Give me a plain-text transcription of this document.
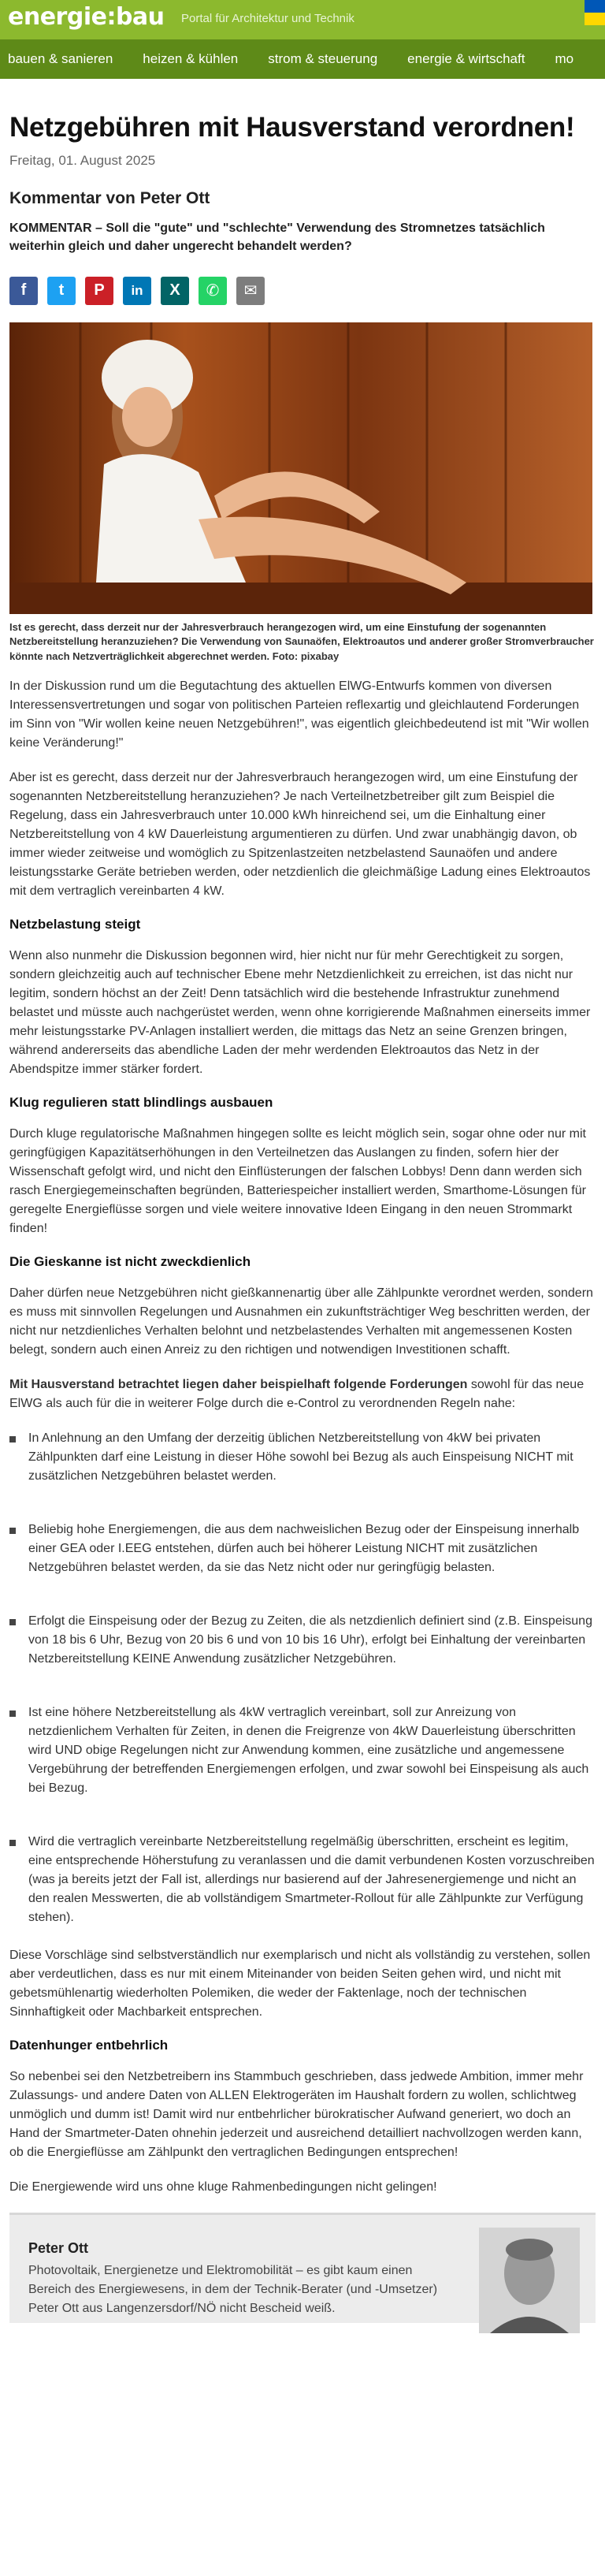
energie:bau Portal für Architektur und Technik
bauen & sanieren heizen & kühlen strom & steuerung energie & wirtschaft mo
Netzgebühren mit Hausverstand verordnen!
Freitag, 01. August 2025
Kommentar von Peter Ott

KOMMENTAR – Soll die "gute" und "schlechte" Verwendung des Stromnetzes tatsächlich weiterhin gleich und daher ungerecht behandelt werden?

f	t	P	in	X	✆	✉

Ist es gerecht, dass derzeit nur der Jahresverbrauch herangezogen wird, um eine Einstufung der sogenannten Netzbereitstellung heranzuziehen? Die Verwendung von Saunaöfen, Elektroautos und anderer großer Stromverbraucher könnte nach Netzverträglichkeit abgerechnet werden. Foto: pixabay

In der Diskussion rund um die Begutachtung des aktuellen ElWG-Entwurfs kommen von diversen Interessensvertretungen und sogar von politischen Parteien reflexartig und gleichlautend Forderungen im Sinn von "Wir wollen keine neuen Netzgebühren!", was eigentlich gleichbedeutend ist mit "Wir wollen keine Veränderung!"

Aber ist es gerecht, dass derzeit nur der Jahresverbrauch herangezogen wird, um eine Einstufung der sogenannten Netzbereitstellung heranzuziehen? Je nach Verteilnetzbetreiber gilt zum Beispiel die Regelung, dass ein Jahresverbrauch unter 10.000 kWh hinreichend sei, um die Einhaltung einer Netzbereitstellung von 4 kW Dauerleistung argumentieren zu dürfen. Und zwar unabhängig davon, ob immer wieder zeitweise und womöglich zu Spitzenlastzeiten netzbelastend Saunaöfen und andere leistungsstarke Geräte betrieben werden, oder netzdienlich die gleichmäßige Ladung eines Elektroautos mit dem vertraglich vereinbarten 4 kW.

Netzbelastung steigt

Wenn also nunmehr die Diskussion begonnen wird, hier nicht nur für mehr Gerechtigkeit zu sorgen, sondern gleichzeitig auch auf technischer Ebene mehr Netzdienlichkeit zu erreichen, ist das nicht nur legitim, sondern höchst an der Zeit! Denn tatsächlich wird die bestehende Infrastruktur zunehmend belastet und müsste auch nachgerüstet werden, wenn ohne korrigierende Maßnahmen einerseits immer mehr leistungsstarke PV-Anlagen installiert werden, die mittags das Netz an seine Grenzen bringen, während andererseits das abendliche Laden der mehr werdenden Elektroautos das Netz in der Abendspitze immer stärker fordert.

Klug regulieren statt blindlings ausbauen

Durch kluge regulatorische Maßnahmen hingegen sollte es leicht möglich sein, sogar ohne oder nur mit geringfügigen Kapazitätserhöhungen in den Verteilnetzen das Auslangen zu finden, sofern hier der Wissenschaft gefolgt wird, und nicht den Einflüsterungen der falschen Lobbys! Denn dann werden sich rasch Energiegemeinschaften begründen, Batteriespeicher installiert werden, Smarthome-Lösungen für geregelte Energieflüsse sorgen und viele weitere innovative Ideen Eingang in den neuen Strommarkt finden!

Die Gieskanne ist nicht zweckdienlich

Daher dürfen neue Netzgebühren nicht gießkannenartig über alle Zählpunkte verordnet werden, sondern es muss mit sinnvollen Regelungen und Ausnahmen ein zukunftsträchtiger Weg beschritten werden, der nicht nur netzdienliches Verhalten belohnt und netzbelastendes Verhalten mit angemessenen Kosten belegt, sondern auch einen Anreiz zu den richtigen und notwendigen Investitionen schafft.

Mit Hausverstand betrachtet liegen daher beispielhaft folgende Forderungen sowohl für das neue ElWG als auch für die in weiterer Folge durch die e-Control zu verordnenden Regeln nahe:

In Anlehnung an den Umfang der derzeitig üblichen Netzbereitstellung von 4kW bei privaten Zählpunkten darf eine Leistung in dieser Höhe sowohl bei Bezug als auch Einspeisung NICHT mit zusätzlichen Netzgebühren belastet werden.
Beliebig hohe Energiemengen, die aus dem nachweislichen Bezug oder der Einspeisung innerhalb einer GEA oder I.EEG entstehen, dürfen auch bei höherer Leistung NICHT mit zusätzlichen Netzgebühren belastet werden, da sie das Netz nicht oder nur geringfügig belasten.
Erfolgt die Einspeisung oder der Bezug zu Zeiten, die als netzdienlich definiert sind (z.B. Einspeisung von 18 bis 6 Uhr, Bezug von 20 bis 6 und von 10 bis 16 Uhr), erfolgt bei Einhaltung der vereinbarten Netzbereitstellung KEINE Anwendung zusätzlicher Netzgebühren.
Ist eine höhere Netzbereitstellung als 4kW vertraglich vereinbart, soll zur Anreizung von netzdienlichem Verhalten für Zeiten, in denen die Freigrenze von 4kW Dauerleistung überschritten wird UND obige Regelungen nicht zur Anwendung kommen, eine zusätzliche und angemessene Vergebührung der betreffenden Energiemengen erfolgen, und zwar sowohl bei Einspeisung als auch bei Bezug.
Wird die vertraglich vereinbarte Netzbereitstellung regelmäßig überschritten, erscheint es legitim, eine entsprechende Höherstufung zu veranlassen und die damit verbundenen Kosten vorzuschreiben (was ja bereits jetzt der Fall ist, allerdings nur basierend auf der Jahresenergiemenge und nicht an den realen Messwerten, die ab vollständigem Smartmeter-Rollout für alle Zählpunkte zur Verfügung stehen).

Diese Vorschläge sind selbstverständlich nur exemplarisch und nicht als vollständig zu verstehen, sollen aber verdeutlichen, dass es nur mit einem Miteinander von beiden Seiten gehen wird, und nicht mit gebetsmühlenartig wiederholten Polemiken, die weder der Faktenlage, noch der technischen Sinnhaftigkeit oder Machbarkeit entsprechen.

Datenhunger entbehrlich

So nebenbei sei den Netzbetreibern ins Stammbuch geschrieben, dass jedwede Ambition, immer mehr Zulassungs- und andere Daten von ALLEN Elektrogeräten im Haushalt fordern zu wollen, schlichtweg unmöglich und dumm ist! Damit wird nur entbehrlicher bürokratischer Aufwand generiert, wo doch an Hand der Smartmeter-Daten ohnehin jederzeit und ausreichend detailliert nachvollzogen werden kann, ob die Energieflüsse am Zählpunkt den vertraglichen Bedingungen entsprechen!

Die Energiewende wird uns ohne kluge Rahmenbedingungen nicht gelingen!

Peter Ott
Photovoltaik, Energienetze und Elektromobilität – es gibt kaum einen Bereich des Energiewesens, in dem der Technik-Berater (und -Umsetzer) Peter Ott aus Langenzersdorf/NÖ nicht Bescheid weiß.
